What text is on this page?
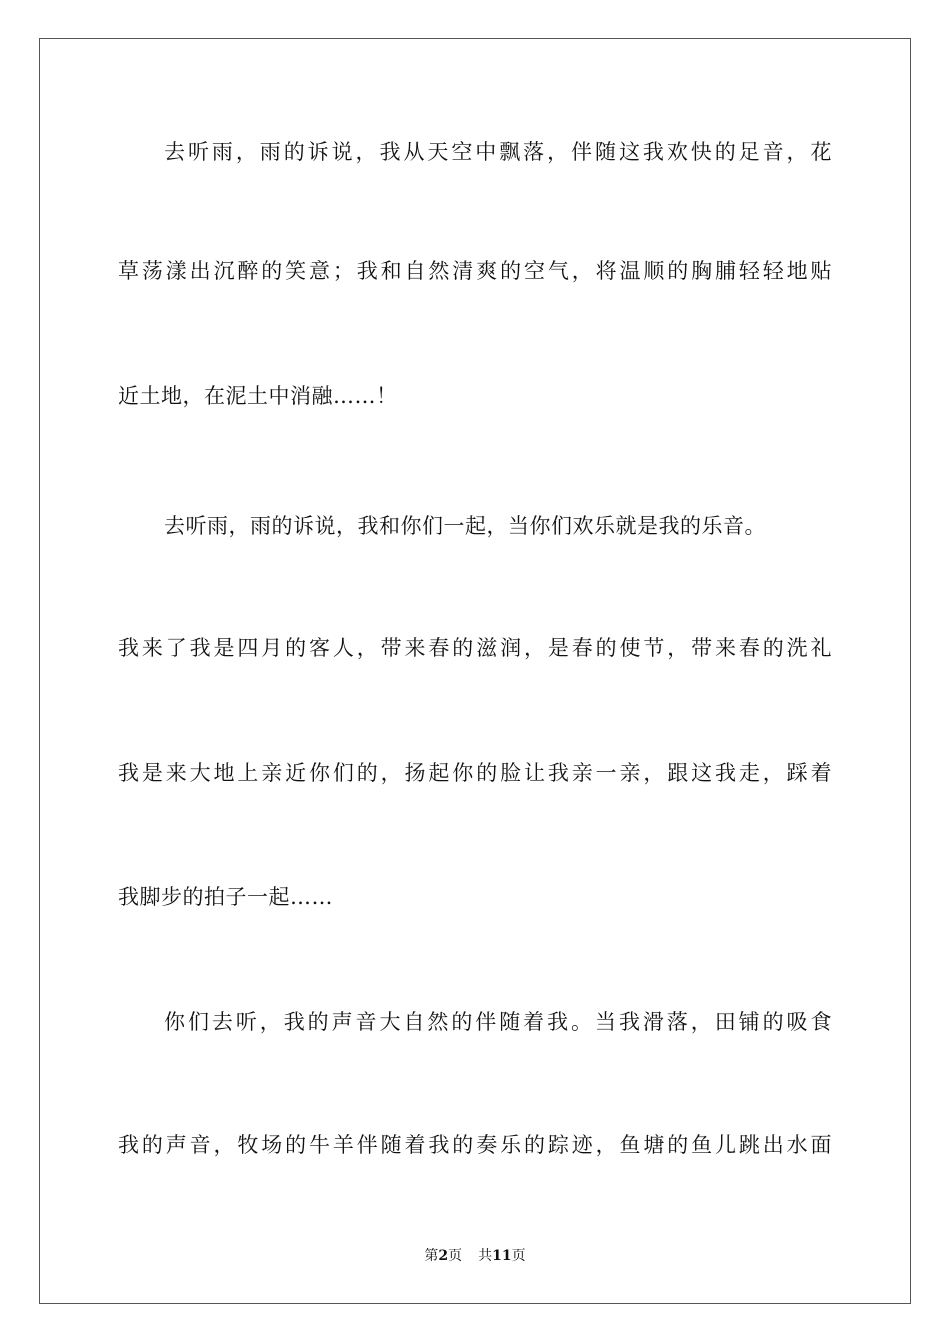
去听雨，雨的诉说，我从天空中飘落，伴随这我欢快的足音，花
草荡漾出沉醉的笑意；我和自然清爽的空气，将温顺的胸脯轻轻地贴
近土地，在泥土中消融……！
去听雨，雨的诉说，我和你们一起，当你们欢乐就是我的乐音。
我来了我是四月的客人，带来春的滋润，是春的使节，带来春的洗礼
我是来大地上亲近你们的，扬起你的脸让我亲一亲，跟这我走，踩着
我脚步的拍子一起……
你们去听，我的声音大自然的伴随着我。当我滑落，田铺的吸食
我的声音，牧场的牛羊伴随着我的奏乐的踪迹，鱼塘的鱼儿跳出水面
第2页 共11页
